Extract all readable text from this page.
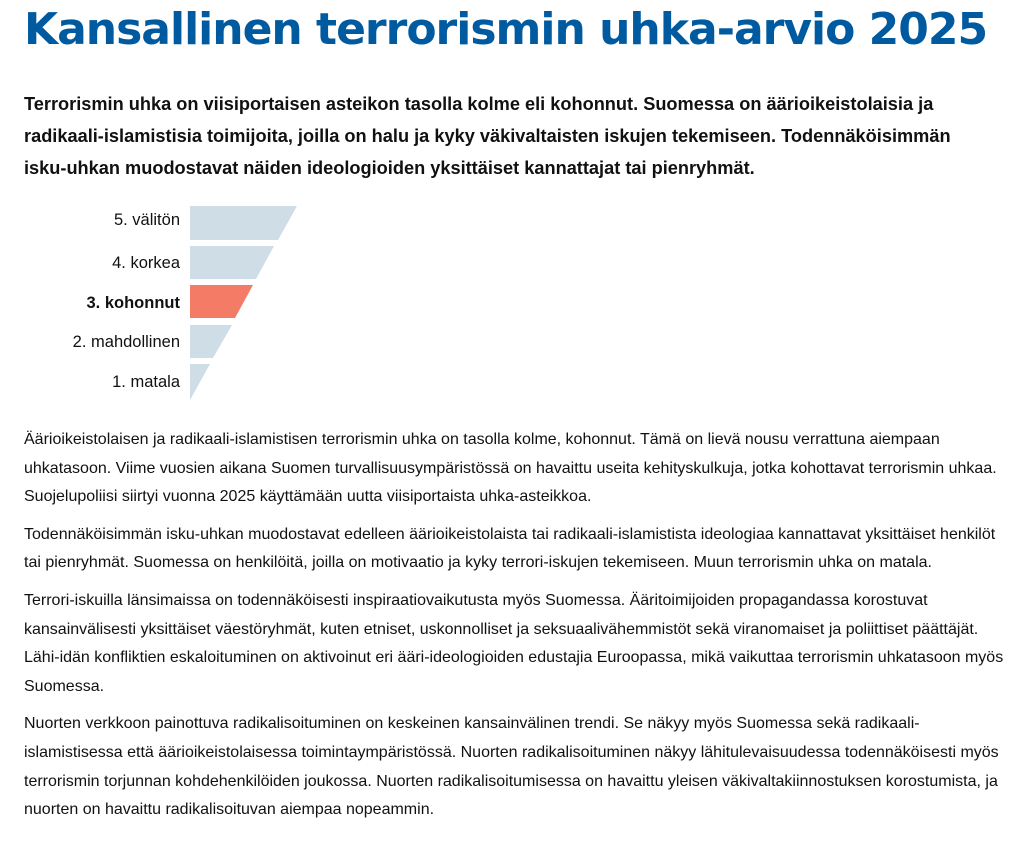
Kansallinen terrorismin uhka-arvio 2025

Terrorismin uhka on viisiportaisen asteikon tasolla kolme eli kohonnut. Suomessa on äärioikeistolaisia ja radikaali-islamistisia toimijoita, joilla on halu ja kyky väkivaltaisten iskujen tekemiseen. Todennäköisimmän isku-uhkan muodostavat näiden ideologioiden yksittäiset kannattajat tai pienryhmät.

5. välitön
4. korkea
3. kohonnut
2. mahdollinen
1. matala

Äärioikeistolaisen ja radikaali-islamistisen terrorismin uhka on tasolla kolme, kohonnut. Tämä on lievä nousu verrattuna aiempaan uhkatasoon. Viime vuosien aikana Suomen turvallisuusympäristössä on havaittu useita kehityskulkuja, jotka kohottavat terrorismin uhkaa. Suojelupoliisi siirtyi vuonna 2025 käyttämään uutta viisiportaista uhka-asteikkoa.

Todennäköisimmän isku-uhkan muodostavat edelleen äärioikeistolaista tai radikaali-islamistista ideologiaa kannattavat yksittäiset henkilöt tai pienryhmät. Suomessa on henkilöitä, joilla on motivaatio ja kyky terrori-iskujen tekemiseen. Muun terrorismin uhka on matala.

Terrori-iskuilla länsimaissa on todennäköisesti inspiraatiovaikutusta myös Suomessa. Ääritoimijoiden propagandassa korostuvat kansainvälisesti yksittäiset väestöryhmät, kuten etniset, uskonnolliset ja seksuaalivähemmistöt sekä viranomaiset ja poliittiset päättäjät. Lähi-idän konfliktien eskaloituminen on aktivoinut eri ääri-ideologioiden edustajia Euroopassa, mikä vaikuttaa terrorismin uhkatasoon myös Suomessa.

Nuorten verkkoon painottuva radikalisoituminen on keskeinen kansainvälinen trendi. Se näkyy myös Suomessa sekä radikaali-islamistisessa että äärioikeistolaisessa toimintaympäristössä. Nuorten radikalisoituminen näkyy lähitulevaisuudessa todennäköisesti myös terrorismin torjunnan kohdehenkilöiden joukossa. Nuorten radikalisoitumisessa on havaittu yleisen väkivaltakiinnostuksen korostumista, ja nuorten on havaittu radikalisoituvan aiempaa nopeammin.
